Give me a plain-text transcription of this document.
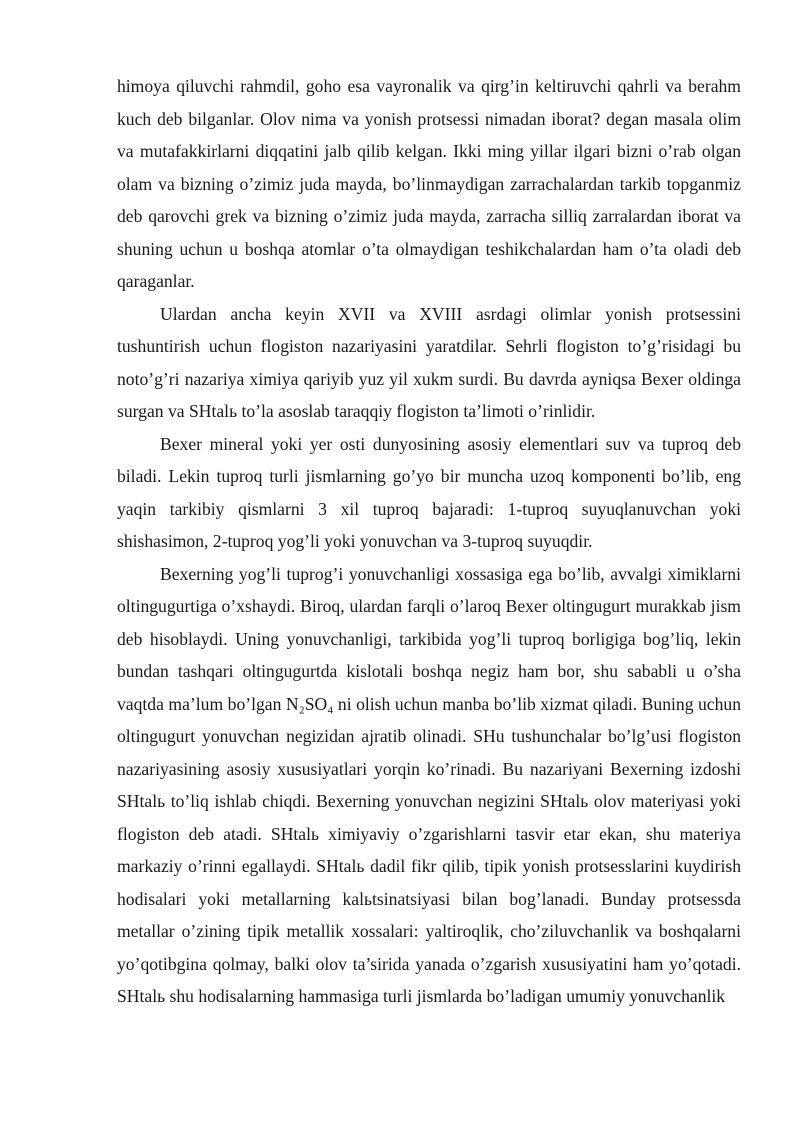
himoya qiluvchi rahmdil, goho esa vayronalik va qirg’in keltiruvchi qahrli va berahm kuch deb bilganlar. Olov nima va yonish protsessi nimadan iborat? degan masala olim va mutafakkirlarni diqqatini jalb qilib kelgan. Ikki ming yillar ilgari bizni o’rab olgan olam va bizning o’zimiz juda mayda, bo’linmaydigan zarrachalardan tarkib topganmiz deb qarovchi grek va bizning o’zimiz juda mayda, zarracha silliq zarralardan iborat va shuning uchun u boshqa atomlar o’ta olmaydigan teshikchalardan ham o’ta oladi deb qaraganlar.

Ulardan ancha keyin XVII va XVIII asrdagi olimlar yonish protsessini tushuntirish uchun flogiston nazariyasini yaratdilar. Sehrli flogiston to’g’risidagi bu noto’g’ri nazariya ximiya qariyib yuz yil xukm surdi. Bu davrda ayniqsa Bexer oldinga surgan va SHtalь to’la asoslab taraqqiy flogiston ta’limoti o’rinlidir.

Bexer mineral yoki yer osti dunyosining asosiy elementlari suv va tuproq deb biladi. Lekin tuproq turli jismlarning go’yo bir muncha uzoq komponenti bo’lib, eng yaqin tarkibiy qismlarni 3 xil tuproq bajaradi: 1-tuproq suyuqlanuvchan yoki shishasimon, 2-tuproq yog’li yoki yonuvchan va 3-tuproq suyuqdir.

Bexerning yog’li tuprog’i yonuvchanligi xossasiga ega bo’lib, avvalgi ximiklarni oltingugurtiga o’xshaydi. Biroq, ulardan farqli o’laroq Bexer oltingugurt murakkab jism deb hisoblaydi. Uning yonuvchanligi, tarkibida yog’li tuproq borligiga bog’liq, lekin bundan tashqari oltingugurtda kislotali boshqa negiz ham bor, shu sababli u o’sha vaqtda ma’lum bo’lgan N₂SO₄ ni olish uchun manba bo’lib xizmat qiladi. Buning uchun oltingugurt yonuvchan negizidan ajratib olinadi. SHu tushunchalar bo’lg’usi flogiston nazariyasining asosiy xususiyatlari yorqin ko’rinadi. Bu nazariyani Bexerning izdoshi SHtalь to’liq ishlab chiqdi. Bexerning yonuvchan negizini SHtalь olov materiyasi yoki flogiston deb atadi. SHtalь ximiyaviy o’zgarishlarni tasvir etar ekan, shu materiya markaziy o’rinni egallaydi. SHtalь dadil fikr qilib, tipik yonish protsesslarini kuydirish hodisalari yoki metallarning kalьtsinatsiyasi bilan bog’lanadi. Bunday protsessda metallar o’zining tipik metallik xossalari: yaltiroqlik, cho’ziluvchanlik va boshqalarni yo’qotibgina qolmay, balki olov ta’sirida yanada o’zgarish xususiyatini ham yo’qotadi. SHtalь shu hodisalarning hammasiga turli jismlarda bo’ladigan umumiy yonuvchanlik
